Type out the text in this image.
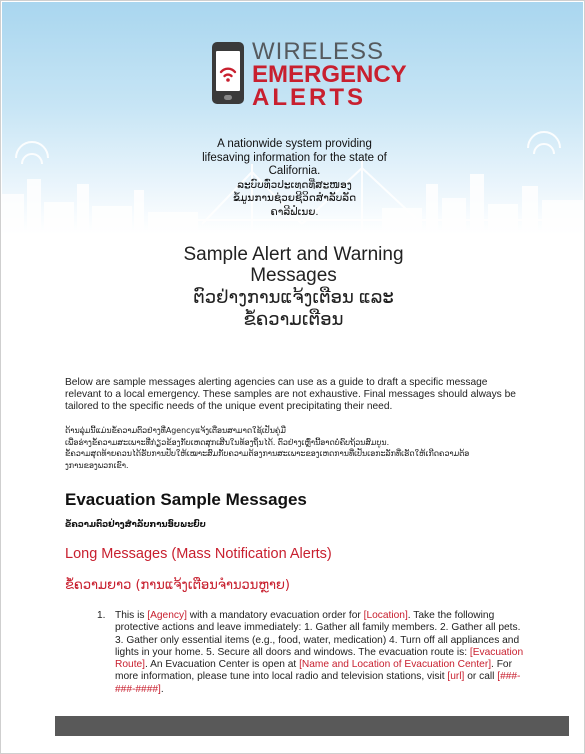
WIRELESS
EMERGENCY
ALERTS
A nationwide system providing
lifesaving information for the state of
California.
ລະບົບທົ່ວປະເທດທີ່ສະໜອງ
ຂໍ້ມູນການຊ່ວຍຊີວິດສໍາລັບລັດ
ຄາລີຟໍເນຍ.
Sample Alert and Warning
Messages
ຕົວຢ່າງການແຈ້ງເຕືອນ ແລະ
ຂໍ້ຄວາມເຕືອນ

Below are sample messages alerting agencies can use as a guide to draft a specific message relevant to a local emergency. These samples are not exhaustive. Final messages should always be tailored to the specific needs of the unique event precipitating their need.

ດ້ານລຸ່ມນີ້ແມ່ນຂໍ້ຄວາມຕົວຢ່າງທີ່Agencyແຈ້ງເຕືອນສາມາດໃຊ້ເປັນຄູ່ມື
ເພື່ອຮ່າງຂໍ້ຄວາມສະເພາະທີ່ກ່ຽວຂ້ອງກັບເຫດສຸກເສີນໃນທ້ອງຖິ່ນໄດ້. ຕົວຢ່າງເຫຼົ່ານີ້ອາດບໍ່ຄົບຖ້ວນສົມບູນ.
ຂໍ້ຄວາມສຸດທ້າຍຄວນໄດ້ຮັບການປັບໃຫ້ເໝາະສົມກັບຄວາມຕ້ອງການສະເພາະຂອງເຫດການທີ່ເປັນເອກະລັກທີ່ເຮັດໃຫ້ເກີດຄວາມຕ້ອ
ງການຂອງພວກເຂົາ.
Evacuation Sample Messages
ຂໍ້ຄວາມຕົວຢ່າງສໍາລັບການອົບພະຍົບ
Long Messages (Mass Notification Alerts)
ຂໍ້ຄວາມຍາວ (ການແຈ້ງເຕືອນຈໍານວນຫຼາຍ)
1. This is [Agency] with a mandatory evacuation order for [Location]. Take the following protective actions and leave immediately: 1. Gather all family members. 2. Gather all pets. 3. Gather only essential items (e.g., food, water, medication) 4. Turn off all appliances and lights in your home. 5. Secure all doors and windows. The evacuation route is: [Evacuation Route]. An Evacuation Center is open at [Name and Location of Evacuation Center]. For more information, please tune into local radio and television stations, visit [url] or call [###-###-####].
